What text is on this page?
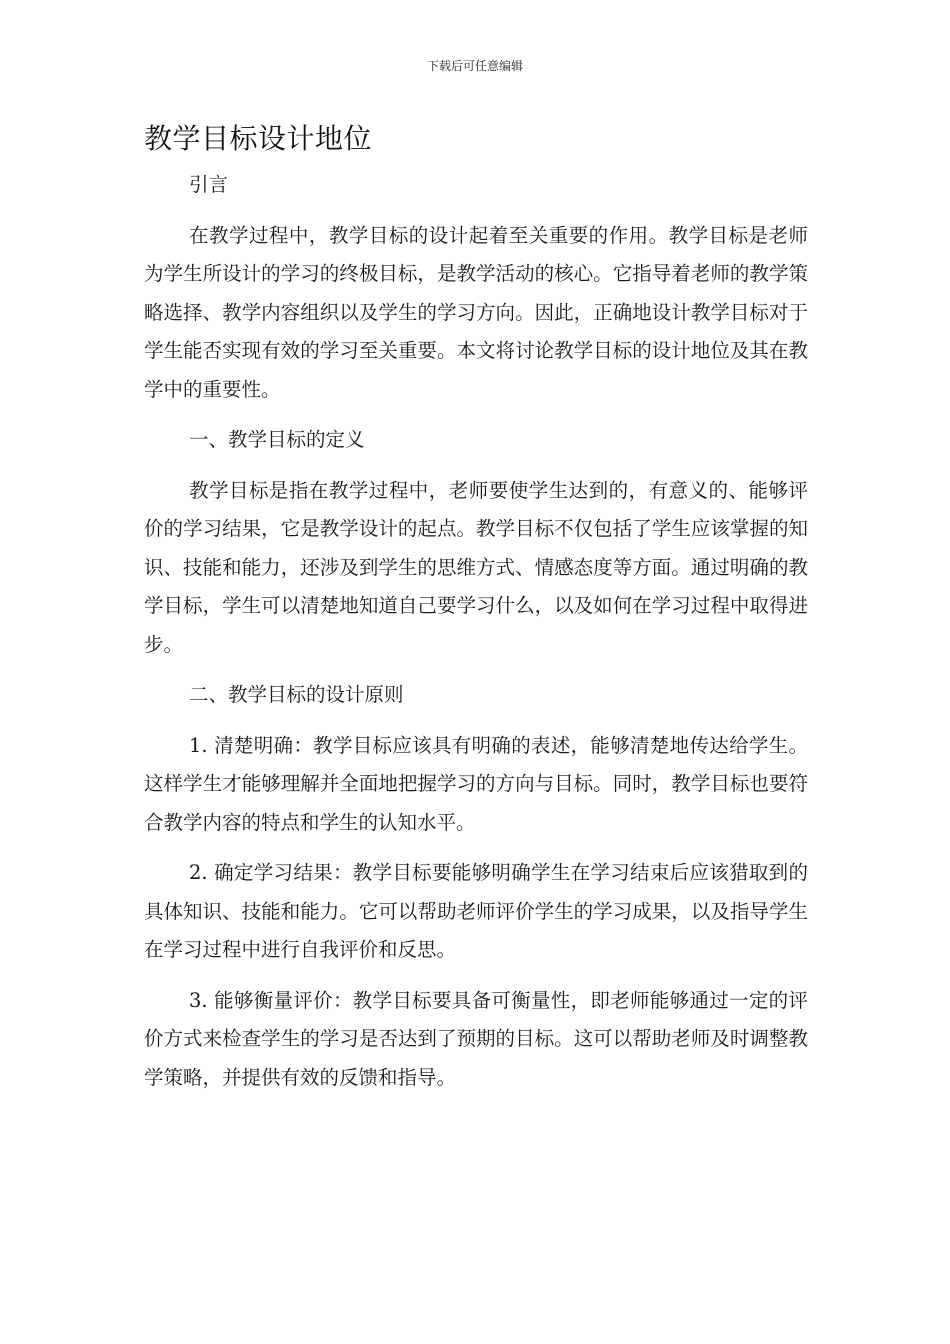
下载后可任意编辑
教学目标设计地位

引言

在教学过程中，教学目标的设计起着至关重要的作用。教学目标是老师为学生所设计的学习的终极目标，是教学活动的核心。它指导着老师的教学策略选择、教学内容组织以及学生的学习方向。因此，正确地设计教学目标对于学生能否实现有效的学习至关重要。本文将讨论教学目标的设计地位及其在教学中的重要性。

一、教学目标的定义

教学目标是指在教学过程中，老师要使学生达到的，有意义的、能够评价的学习结果，它是教学设计的起点。教学目标不仅包括了学生应该掌握的知识、技能和能力，还涉及到学生的思维方式、情感态度等方面。通过明确的教学目标，学生可以清楚地知道自己要学习什么，以及如何在学习过程中取得进步。

二、教学目标的设计原则

1. 清楚明确：教学目标应该具有明确的表述，能够清楚地传达给学生。这样学生才能够理解并全面地把握学习的方向与目标。同时，教学目标也要符合教学内容的特点和学生的认知水平。

2. 确定学习结果：教学目标要能够明确学生在学习结束后应该猎取到的具体知识、技能和能力。它可以帮助老师评价学生的学习成果，以及指导学生在学习过程中进行自我评价和反思。

3. 能够衡量评价：教学目标要具备可衡量性，即老师能够通过一定的评价方式来检查学生的学习是否达到了预期的目标。这可以帮助老师及时调整教学策略，并提供有效的反馈和指导。
